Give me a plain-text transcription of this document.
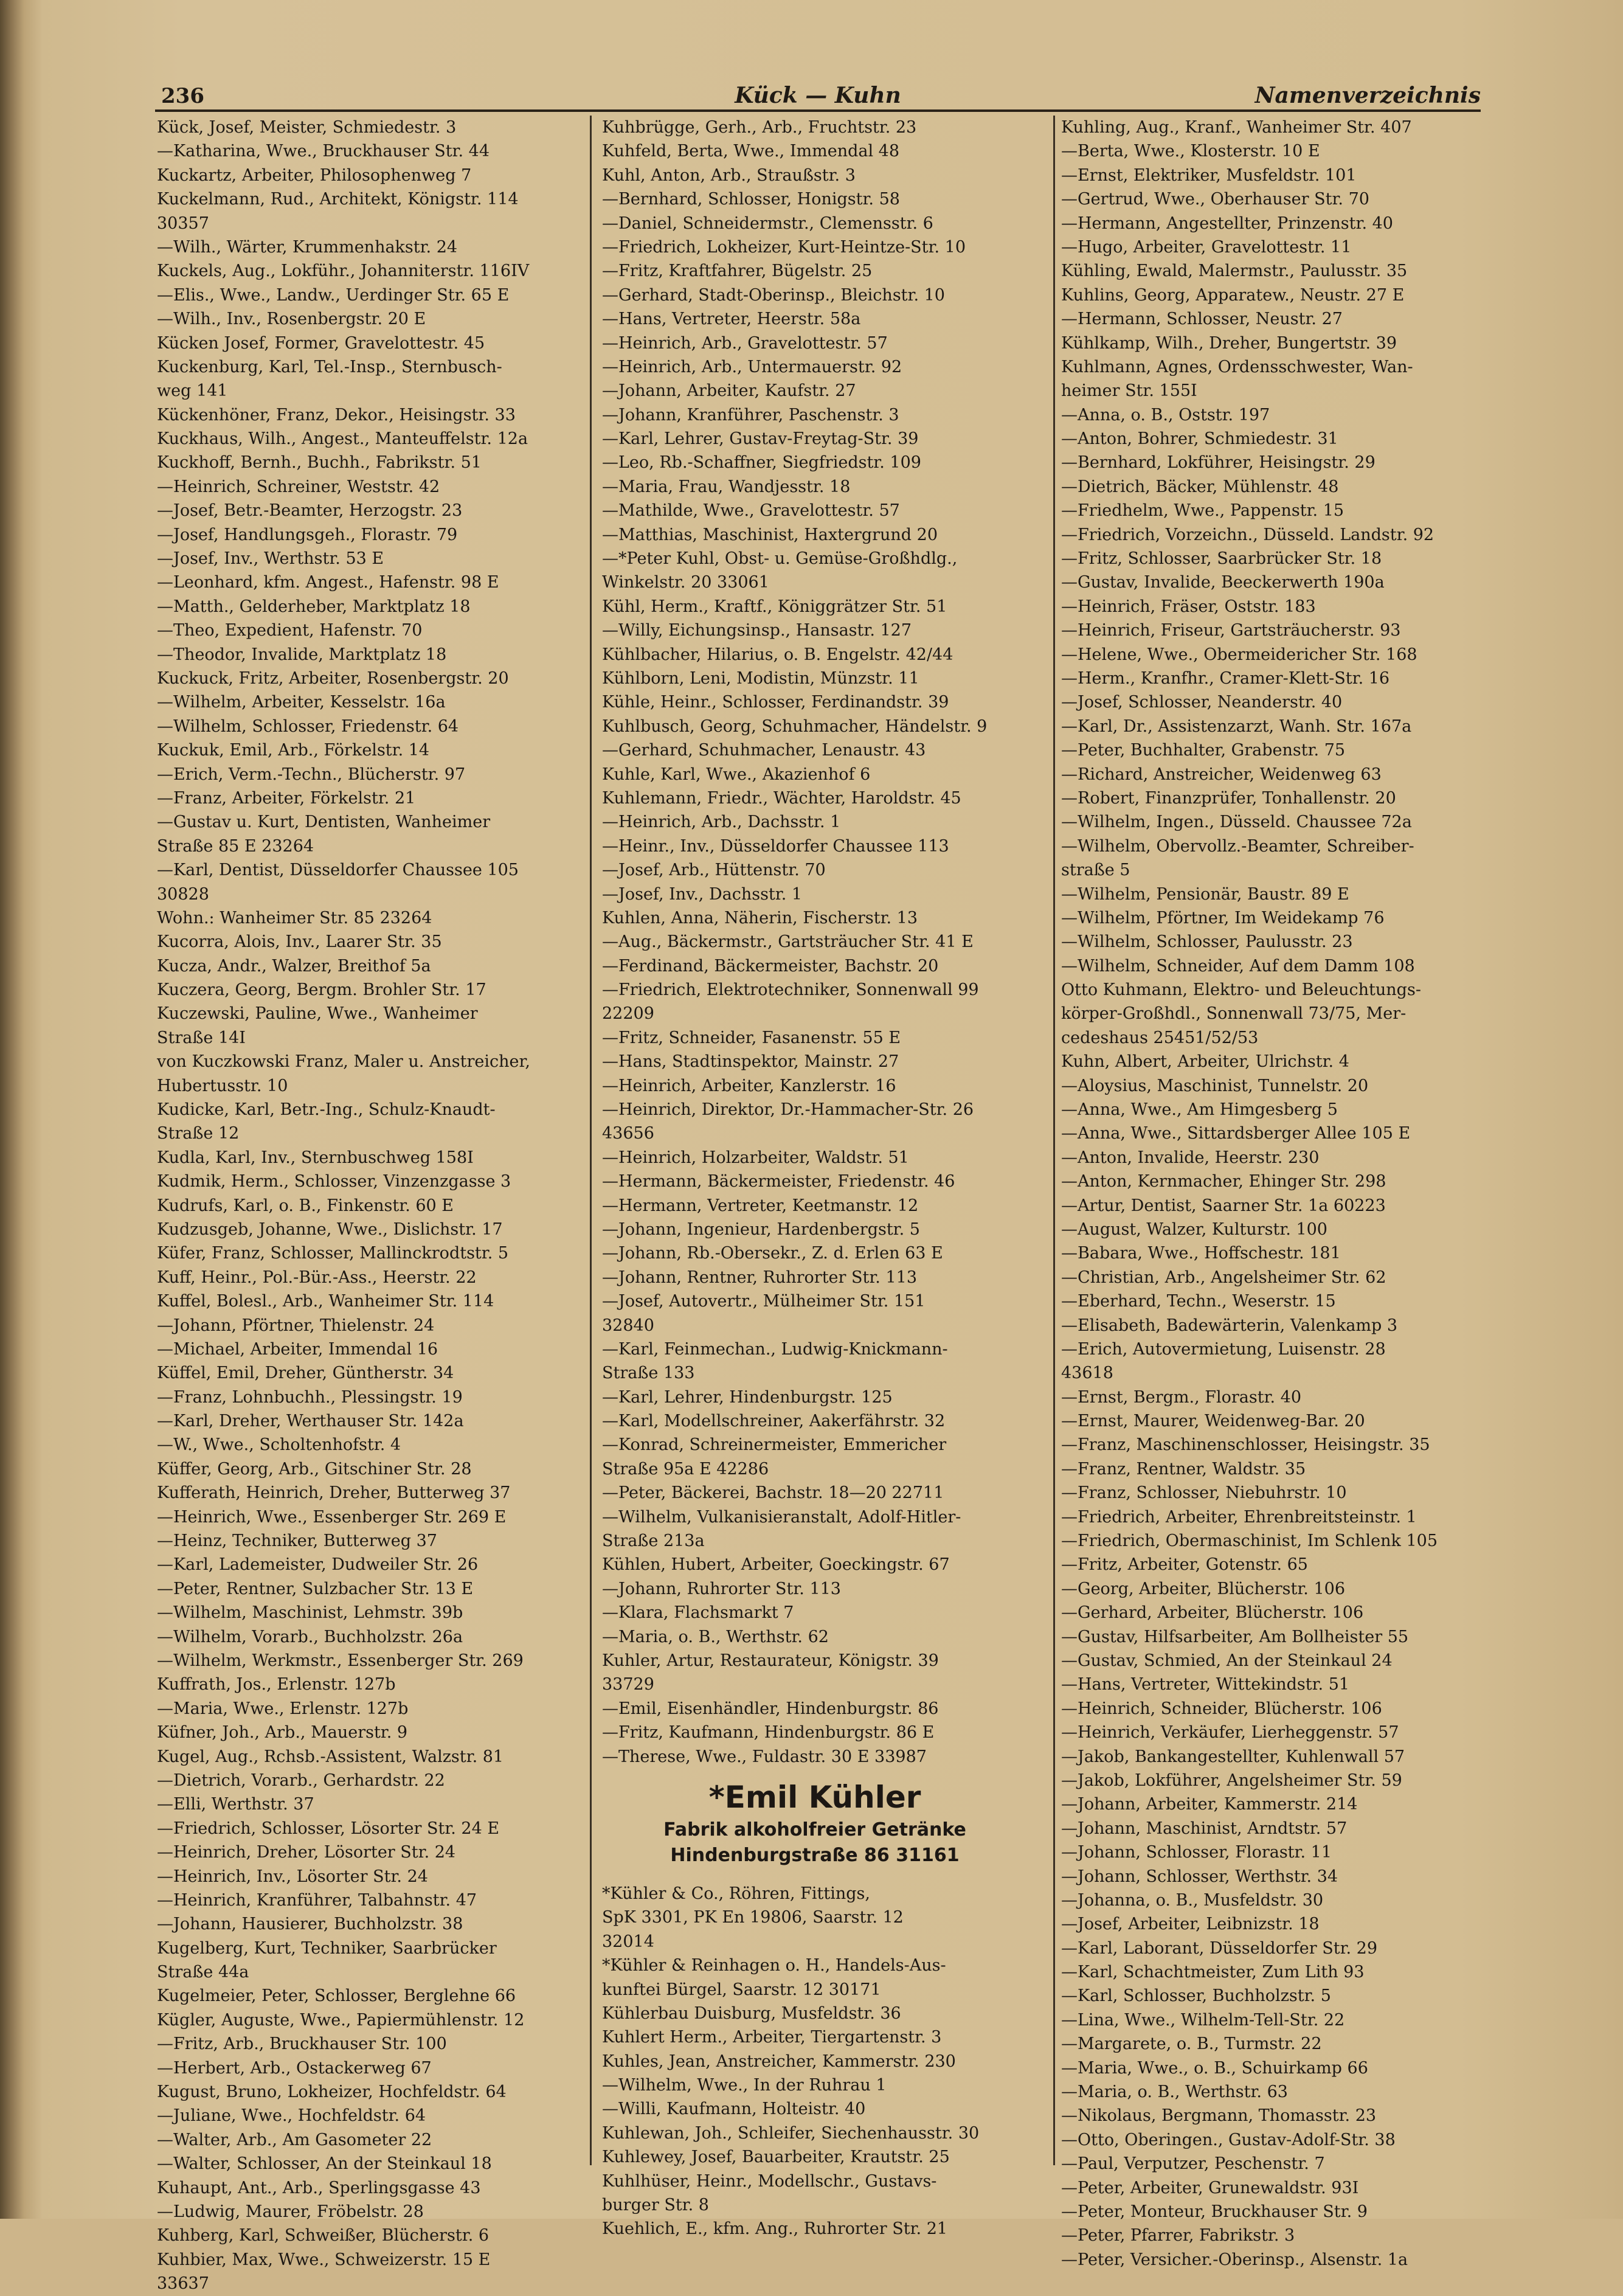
236	Kück — Kuhn	Namenverzeichnis
Kück, Josef, Meister, Schmiedestr. 3
—Katharina, Wwe., Bruckhauser Str. 44
Kuckartz, Arbeiter, Philosophenweg 7
Kuckelmann, Rud., Architekt, Königstr. 114
30357
—Wilh., Wärter, Krummenhakstr. 24
Kuckels, Aug., Lokführ., Johanniterstr. 116IV
—Elis., Wwe., Landw., Uerdinger Str. 65 E
—Wilh., Inv., Rosenbergstr. 20 E
Kücken Josef, Former, Gravelottestr. 45
Kuckenburg, Karl, Tel.-Insp., Sternbusch-
weg 141
Kückenhöner, Franz, Dekor., Heisingstr. 33
Kuckhaus, Wilh., Angest., Manteuffelstr. 12a
Kuckhoff, Bernh., Buchh., Fabrikstr. 51
—Heinrich, Schreiner, Weststr. 42
—Josef, Betr.-Beamter, Herzogstr. 23
—Josef, Handlungsgeh., Florastr. 79
—Josef, Inv., Werthstr. 53 E
—Leonhard, kfm. Angest., Hafenstr. 98 E
—Matth., Gelderheber, Marktplatz 18
—Theo, Expedient, Hafenstr. 70
—Theodor, Invalide, Marktplatz 18
Kuckuck, Fritz, Arbeiter, Rosenbergstr. 20
—Wilhelm, Arbeiter, Kesselstr. 16a
—Wilhelm, Schlosser, Friedenstr. 64
Kuckuk, Emil, Arb., Förkelstr. 14
—Erich, Verm.-Techn., Blücherstr. 97
—Franz, Arbeiter, Förkelstr. 21
—Gustav u. Kurt, Dentisten, Wanheimer
Straße 85 E 23264
—Karl, Dentist, Düsseldorfer Chaussee 105
30828
Wohn.: Wanheimer Str. 85 23264
Kucorra, Alois, Inv., Laarer Str. 35
Kucza, Andr., Walzer, Breithof 5a
Kuczera, Georg, Bergm. Brohler Str. 17
Kuczewski, Pauline, Wwe., Wanheimer
Straße 14I
von Kuczkowski Franz, Maler u. Anstreicher,
Hubertusstr. 10
Kudicke, Karl, Betr.-Ing., Schulz-Knaudt-
Straße 12
Kudla, Karl, Inv., Sternbuschweg 158I
Kudmik, Herm., Schlosser, Vinzenzgasse 3
Kudrufs, Karl, o. B., Finkenstr. 60 E
Kudzusgeb, Johanne, Wwe., Dislichstr. 17
Küfer, Franz, Schlosser, Mallinckrodtstr. 5
Kuff, Heinr., Pol.-Bür.-Ass., Heerstr. 22
Kuffel, Bolesl., Arb., Wanheimer Str. 114
—Johann, Pförtner, Thielenstr. 24
—Michael, Arbeiter, Immendal 16
Küffel, Emil, Dreher, Güntherstr. 34
—Franz, Lohnbuchh., Plessingstr. 19
—Karl, Dreher, Werthauser Str. 142a
—W., Wwe., Scholtenhofstr. 4
Küffer, Georg, Arb., Gitschiner Str. 28
Kufferath, Heinrich, Dreher, Butterweg 37
—Heinrich, Wwe., Essenberger Str. 269 E
—Heinz, Techniker, Butterweg 37
—Karl, Lademeister, Dudweiler Str. 26
—Peter, Rentner, Sulzbacher Str. 13 E
—Wilhelm, Maschinist, Lehmstr. 39b
—Wilhelm, Vorarb., Buchholzstr. 26a
—Wilhelm, Werkmstr., Essenberger Str. 269
Kuffrath, Jos., Erlenstr. 127b
—Maria, Wwe., Erlenstr. 127b
Küfner, Joh., Arb., Mauerstr. 9
Kugel, Aug., Rchsb.-Assistent, Walzstr. 81
—Dietrich, Vorarb., Gerhardstr. 22
—Elli, Werthstr. 37
—Friedrich, Schlosser, Lösorter Str. 24 E
—Heinrich, Dreher, Lösorter Str. 24
—Heinrich, Inv., Lösorter Str. 24
—Heinrich, Kranführer, Talbahnstr. 47
—Johann, Hausierer, Buchholzstr. 38
Kugelberg, Kurt, Techniker, Saarbrücker
Straße 44a
Kugelmeier, Peter, Schlosser, Berglehne 66
Kügler, Auguste, Wwe., Papiermühlenstr. 12
—Fritz, Arb., Bruckhauser Str. 100
—Herbert, Arb., Ostackerweg 67
Kugust, Bruno, Lokheizer, Hochfeldstr. 64
—Juliane, Wwe., Hochfeldstr. 64
—Walter, Arb., Am Gasometer 22
—Walter, Schlosser, An der Steinkaul 18
Kuhaupt, Ant., Arb., Sperlingsgasse 43
—Ludwig, Maurer, Fröbelstr. 28
Kuhberg, Karl, Schweißer, Blücherstr. 6
Kuhbier, Max, Wwe., Schweizerstr. 15 E
33637
Kuhbrügge, Gerh., Arb., Fruchtstr. 23
Kuhfeld, Berta, Wwe., Immendal 48
Kuhl, Anton, Arb., Straußstr. 3
—Bernhard, Schlosser, Honigstr. 58
—Daniel, Schneidermstr., Clemensstr. 6
—Friedrich, Lokheizer, Kurt-Heintze-Str. 10
—Fritz, Kraftfahrer, Bügelstr. 25
—Gerhard, Stadt-Oberinsp., Bleichstr. 10
—Hans, Vertreter, Heerstr. 58a
—Heinrich, Arb., Gravelottestr. 57
—Heinrich, Arb., Untermauerstr. 92
—Johann, Arbeiter, Kaufstr. 27
—Johann, Kranführer, Paschenstr. 3
—Karl, Lehrer, Gustav-Freytag-Str. 39
—Leo, Rb.-Schaffner, Siegfriedstr. 109
—Maria, Frau, Wandjesstr. 18
—Mathilde, Wwe., Gravelottestr. 57
—Matthias, Maschinist, Haxtergrund 20
—*Peter Kuhl, Obst- u. Gemüse-Großhdlg.,
Winkelstr. 20 33061
Kühl, Herm., Kraftf., Königgrätzer Str. 51
—Willy, Eichungsinsp., Hansastr. 127
Kühlbacher, Hilarius, o. B. Engelstr. 42/44
Kühlborn, Leni, Modistin, Münzstr. 11
Kühle, Heinr., Schlosser, Ferdinandstr. 39
Kuhlbusch, Georg, Schuhmacher, Händelstr. 9
—Gerhard, Schuhmacher, Lenaustr. 43
Kuhle, Karl, Wwe., Akazienhof 6
Kuhlemann, Friedr., Wächter, Haroldstr. 45
—Heinrich, Arb., Dachsstr. 1
—Heinr., Inv., Düsseldorfer Chaussee 113
—Josef, Arb., Hüttenstr. 70
—Josef, Inv., Dachsstr. 1
Kuhlen, Anna, Näherin, Fischerstr. 13
—Aug., Bäckermstr., Gartsträucher Str. 41 E
—Ferdinand, Bäckermeister, Bachstr. 20
—Friedrich, Elektrotechniker, Sonnenwall 99
22209
—Fritz, Schneider, Fasanenstr. 55 E
—Hans, Stadtinspektor, Mainstr. 27
—Heinrich, Arbeiter, Kanzlerstr. 16
—Heinrich, Direktor, Dr.-Hammacher-Str. 26
43656
—Heinrich, Holzarbeiter, Waldstr. 51
—Hermann, Bäckermeister, Friedenstr. 46
—Hermann, Vertreter, Keetmanstr. 12
—Johann, Ingenieur, Hardenbergstr. 5
—Johann, Rb.-Obersekr., Z. d. Erlen 63 E
—Johann, Rentner, Ruhrorter Str. 113
—Josef, Autovertr., Mülheimer Str. 151
32840
—Karl, Feinmechan., Ludwig-Knickmann-
Straße 133
—Karl, Lehrer, Hindenburgstr. 125
—Karl, Modellschreiner, Aakerfährstr. 32
—Konrad, Schreinermeister, Emmericher
Straße 95a E 42286
—Peter, Bäckerei, Bachstr. 18—20 22711
—Wilhelm, Vulkanisieranstalt, Adolf-Hitler-
Straße 213a
Kühlen, Hubert, Arbeiter, Goeckingstr. 67
—Johann, Ruhrorter Str. 113
—Klara, Flachsmarkt 7
—Maria, o. B., Werthstr. 62
Kuhler, Artur, Restaurateur, Königstr. 39
33729
—Emil, Eisenhändler, Hindenburgstr. 86
—Fritz, Kaufmann, Hindenburgstr. 86 E
—Therese, Wwe., Fuldastr. 30 E 33987
*Emil Kühler
Fabrik alkoholfreier Getränke
Hindenburgstraße 86 31161
*Kühler & Co., Röhren, Fittings,
SpK 3301, PK En 19806, Saarstr. 12
32014
*Kühler & Reinhagen o. H., Handels-Aus-
kunftei Bürgel, Saarstr. 12 30171
Kühlerbau Duisburg, Musfeldstr. 36
Kuhlert Herm., Arbeiter, Tiergartenstr. 3
Kuhles, Jean, Anstreicher, Kammerstr. 230
—Wilhelm, Wwe., In der Ruhrau 1
—Willi, Kaufmann, Holteistr. 40
Kuhlewan, Joh., Schleifer, Siechenhausstr. 30
Kuhlewey, Josef, Bauarbeiter, Krautstr. 25
Kuhlhüser, Heinr., Modellschr., Gustavs-
burger Str. 8
Kuehlich, E., kfm. Ang., Ruhrorter Str. 21
Kuhling, Aug., Kranf., Wanheimer Str. 407
—Berta, Wwe., Klosterstr. 10 E
—Ernst, Elektriker, Musfeldstr. 101
—Gertrud, Wwe., Oberhauser Str. 70
—Hermann, Angestellter, Prinzenstr. 40
—Hugo, Arbeiter, Gravelottestr. 11
Kühling, Ewald, Malermstr., Paulusstr. 35
Kuhlins, Georg, Apparatew., Neustr. 27 E
—Hermann, Schlosser, Neustr. 27
Kühlkamp, Wilh., Dreher, Bungertstr. 39
Kuhlmann, Agnes, Ordensschwester, Wan-
heimer Str. 155I
—Anna, o. B., Oststr. 197
—Anton, Bohrer, Schmiedestr. 31
—Bernhard, Lokführer, Heisingstr. 29
—Dietrich, Bäcker, Mühlenstr. 48
—Friedhelm, Wwe., Pappenstr. 15
—Friedrich, Vorzeichn., Düsseld. Landstr. 92
—Fritz, Schlosser, Saarbrücker Str. 18
—Gustav, Invalide, Beeckerwerth 190a
—Heinrich, Fräser, Oststr. 183
—Heinrich, Friseur, Gartsträucherstr. 93
—Helene, Wwe., Obermeidericher Str. 168
—Herm., Kranfhr., Cramer-Klett-Str. 16
—Josef, Schlosser, Neanderstr. 40
—Karl, Dr., Assistenzarzt, Wanh. Str. 167a
—Peter, Buchhalter, Grabenstr. 75
—Richard, Anstreicher, Weidenweg 63
—Robert, Finanzprüfer, Tonhallenstr. 20
—Wilhelm, Ingen., Düsseld. Chaussee 72a
—Wilhelm, Obervollz.-Beamter, Schreiber-
straße 5
—Wilhelm, Pensionär, Baustr. 89 E
—Wilhelm, Pförtner, Im Weidekamp 76
—Wilhelm, Schlosser, Paulusstr. 23
—Wilhelm, Schneider, Auf dem Damm 108
Otto Kuhmann, Elektro- und Beleuchtungs-
körper-Großhdl., Sonnenwall 73/75, Mer-
cedeshaus 25451/52/53
Kuhn, Albert, Arbeiter, Ulrichstr. 4
—Aloysius, Maschinist, Tunnelstr. 20
—Anna, Wwe., Am Himgesberg 5
—Anna, Wwe., Sittardsberger Allee 105 E
—Anton, Invalide, Heerstr. 230
—Anton, Kernmacher, Ehinger Str. 298
—Artur, Dentist, Saarner Str. 1a 60223
—August, Walzer, Kulturstr. 100
—Babara, Wwe., Hoffschestr. 181
—Christian, Arb., Angelsheimer Str. 62
—Eberhard, Techn., Weserstr. 15
—Elisabeth, Badewärterin, Valenkamp 3
—Erich, Autovermietung, Luisenstr. 28
43618
—Ernst, Bergm., Florastr. 40
—Ernst, Maurer, Weidenweg-Bar. 20
—Franz, Maschinenschlosser, Heisingstr. 35
—Franz, Rentner, Waldstr. 35
—Franz, Schlosser, Niebuhrstr. 10
—Friedrich, Arbeiter, Ehrenbreitsteinstr. 1
—Friedrich, Obermaschinist, Im Schlenk 105
—Fritz, Arbeiter, Gotenstr. 65
—Georg, Arbeiter, Blücherstr. 106
—Gerhard, Arbeiter, Blücherstr. 106
—Gustav, Hilfsarbeiter, Am Bollheister 55
—Gustav, Schmied, An der Steinkaul 24
—Hans, Vertreter, Wittekindstr. 51
—Heinrich, Schneider, Blücherstr. 106
—Heinrich, Verkäufer, Lierheggenstr. 57
—Jakob, Bankangestellter, Kuhlenwall 57
—Jakob, Lokführer, Angelsheimer Str. 59
—Johann, Arbeiter, Kammerstr. 214
—Johann, Maschinist, Arndtstr. 57
—Johann, Schlosser, Florastr. 11
—Johann, Schlosser, Werthstr. 34
—Johanna, o. B., Musfeldstr. 30
—Josef, Arbeiter, Leibnizstr. 18
—Karl, Laborant, Düsseldorfer Str. 29
—Karl, Schachtmeister, Zum Lith 93
—Karl, Schlosser, Buchholzstr. 5
—Lina, Wwe., Wilhelm-Tell-Str. 22
—Margarete, o. B., Turmstr. 22
—Maria, Wwe., o. B., Schuirkamp 66
—Maria, o. B., Werthstr. 63
—Nikolaus, Bergmann, Thomasstr. 23
—Otto, Oberingen., Gustav-Adolf-Str. 38
—Paul, Verputzer, Peschenstr. 7
—Peter, Arbeiter, Grunewaldstr. 93I
—Peter, Monteur, Bruckhauser Str. 9
—Peter, Pfarrer, Fabrikstr. 3
—Peter, Versicher.-Oberinsp., Alsenstr. 1a
